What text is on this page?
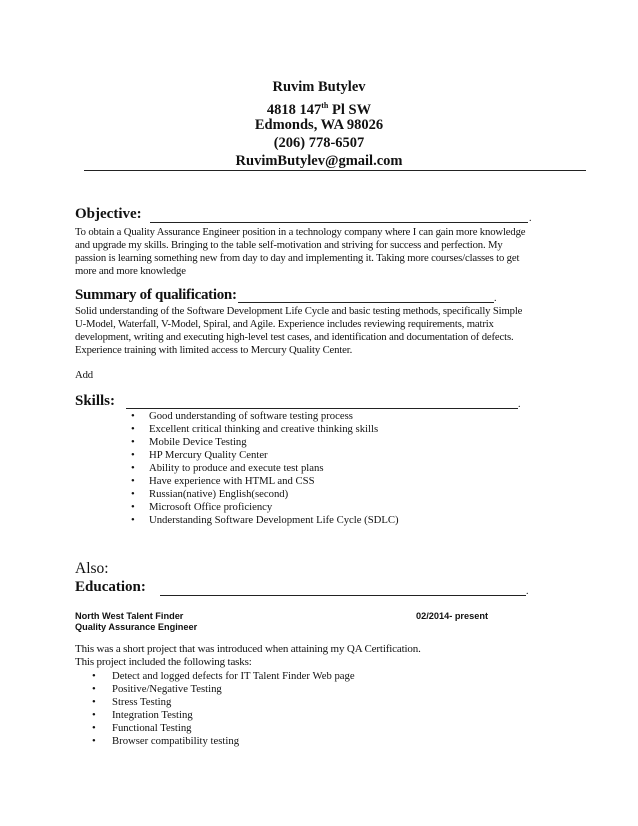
Ruvim Butylev
4818 147th Pl SW
Edmonds, WA 98026
(206) 778-6507
RuvimButylev@gmail.com
Objective:	.
To obtain a Quality Assurance Engineer position in a technology company where I can gain more knowledge
and upgrade my skills. Bringing to the table self-motivation and striving for success and perfection. My
passion is learning something new from day to day and implementing it. Taking more courses/classes to get
more and more knowledge
Summary of qualification:	.
Solid understanding of the Software Development Life Cycle and basic testing methods, specifically Simple
U-Model, Waterfall, V-Model, Spiral, and Agile. Experience includes reviewing requirements, matrix
development, writing and executing high-level test cases, and identification and documentation of defects.
Experience training with limited access to Mercury Quality Center.
Add
Skills:	.
• Good understanding of software testing process
• Excellent critical thinking and creative thinking skills
• Mobile Device Testing
• HP Mercury Quality Center
• Ability to produce and execute test plans
• Have experience with HTML and CSS
• Russian(native) English(second)
• Microsoft Office proficiency
• Understanding Software Development Life Cycle (SDLC)
Also:
Education:	.
North West Talent Finder	02/2014- present
Quality Assurance Engineer
This was a short project that was introduced when attaining my QA Certification.
This project included the following tasks:
• Detect and logged defects for IT Talent Finder Web page
• Positive/Negative Testing
• Stress Testing
• Integration Testing
• Functional Testing
• Browser compatibility testing
